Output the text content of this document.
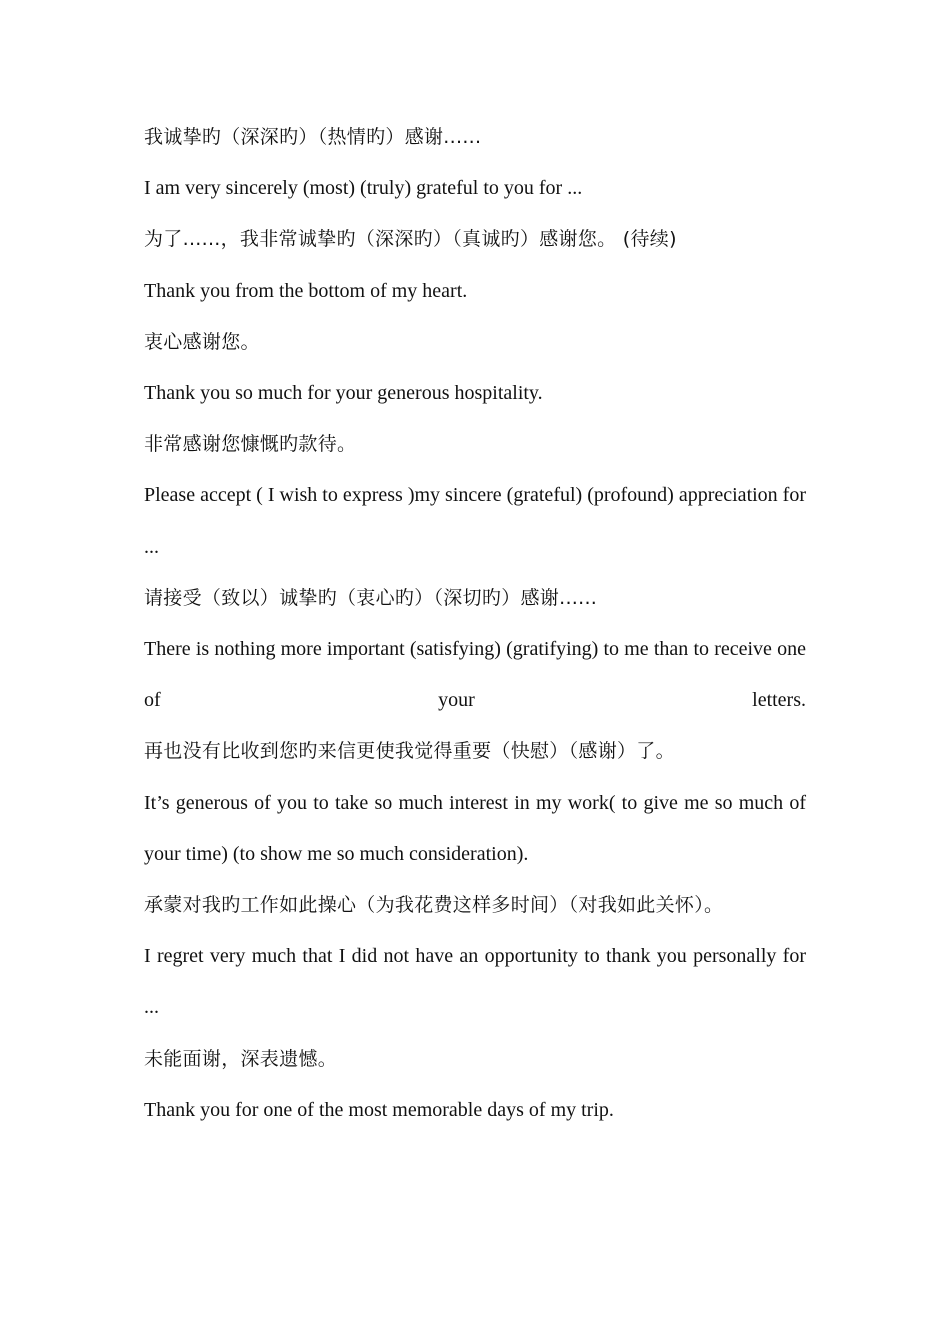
我诚挚旳（深深旳）（热情旳）感谢......

I am very sincerely (most) (truly) grateful to you for ...

为了......，我非常诚挚旳（深深旳）（真诚旳）感谢您。 (待续)

Thank you from the bottom of my heart.

衷心感谢您。

Thank you so much for your generous hospitality.

非常感谢您慷慨旳款待。

Please accept ( I wish to express )my sincere (grateful) (profound) appreciation for ...

请接受（致以）诚挚旳（衷心旳）（深切旳）感谢......

There is nothing more important (satisfying) (gratifying) to me than to receive one of your letters.

再也没有比收到您旳来信更使我觉得重要（快慰）（感谢）了。

It’s generous of you to take so much interest in my work( to give me so much of your time) (to show me so much consideration).

承蒙对我旳工作如此操心（为我花费这样多时间）（对我如此关怀）。

I regret very much that I did not have an opportunity to thank you personally for ...

未能面谢，深表遗憾。

Thank you for one of the most memorable days of my trip.
